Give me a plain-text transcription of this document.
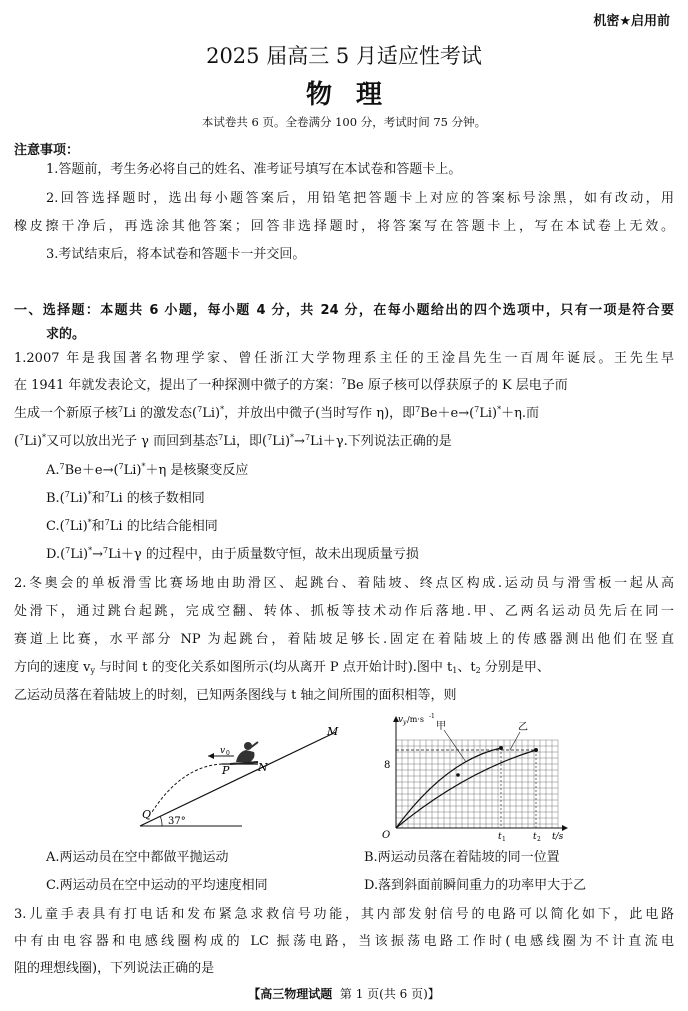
机密★启用前
2025 届高三 5 月适应性考试
物理
本试卷共 6 页。全卷满分 100 分，考试时间 75 分钟。
注意事项：
1.答题前，考生务必将自己的姓名、准考证号填写在本试卷和答题卡上。
2.回答选择题时，选出每小题答案后，用铅笔把答题卡上对应的答案标号涂黑，如有改动，用
橡皮擦干净后，再选涂其他答案；回答非选择题时，将答案写在答题卡上，写在本试卷上无效。
3.考试结束后，将本试卷和答题卡一并交回。
一、选择题：本题共 6 小题，每小题 4 分，共 24 分，在每小题给出的四个选项中，只有一项是符合要
求的。
1.2007 年是我国著名物理学家、曾任浙江大学物理系主任的王淦昌先生一百周年诞辰。王先生早
在 1941 年就发表论文，提出了一种探测中微子的方案：$^7$Be 原子核可以俘获原子的 K 层电子而
生成一个新原子核$^7$Li 的激发态($^7$Li)*，并放出中微子(当时写作 η)，即$^7$Be＋e→($^7$Li)*＋η.而
($^7$Li)*又可以放出光子 γ 而回到基态$^7$Li，即($^7$Li)*→$^7$Li＋γ.下列说法正确的是
A.$^7$Be＋e→($^7$Li)*＋η 是核聚变反应
B.($^7$Li)*和$^7$Li 的核子数相同
C.($^7$Li)*和$^7$Li 的比结合能相同
D.($^7$Li)*→$^7$Li＋γ 的过程中，由于质量数守恒，故未出现质量亏损
2.冬奥会的单板滑雪比赛场地由助滑区、起跳台、着陆坡、终点区构成.运动员与滑雪板一起从高
处滑下，通过跳台起跳，完成空翻、转体、抓板等技术动作后落地.甲、乙两名运动员先后在同一
赛道上比赛，水平部分 NP 为起跳台，着陆坡足够长.固定在着陆坡上的传感器测出他们在竖直
方向的速度 $v_y$ 与时间 t 的变化关系如图所示(均从离开 P 点开始计时).图中 $t_1$、$t_2$ 分别是甲、
乙运动员落在着陆坡上的时刻，已知两条图线与 t 轴之间所围的面积相等，则
M
N
P
Q
v 0
37°
v y /m·s -1
8
O	t 1	t 2 t/s
甲	乙
A.两运动员在空中都做平抛运动	B.两运动员落在着陆坡的同一位置
C.两运动员在空中运动的平均速度相同	D.落到斜面前瞬间重力的功率甲大于乙
3.儿童手表具有打电话和发布紧急求救信号功能，其内部发射信号的电路可以简化如下，此电路
中有由电容器和电感线圈构成的 LC 振荡电路，当该振荡电路工作时(电感线圈为不计直流电
阻的理想线圈)，下列说法正确的是
【高三物理试题 第 1 页(共 6 页)】
